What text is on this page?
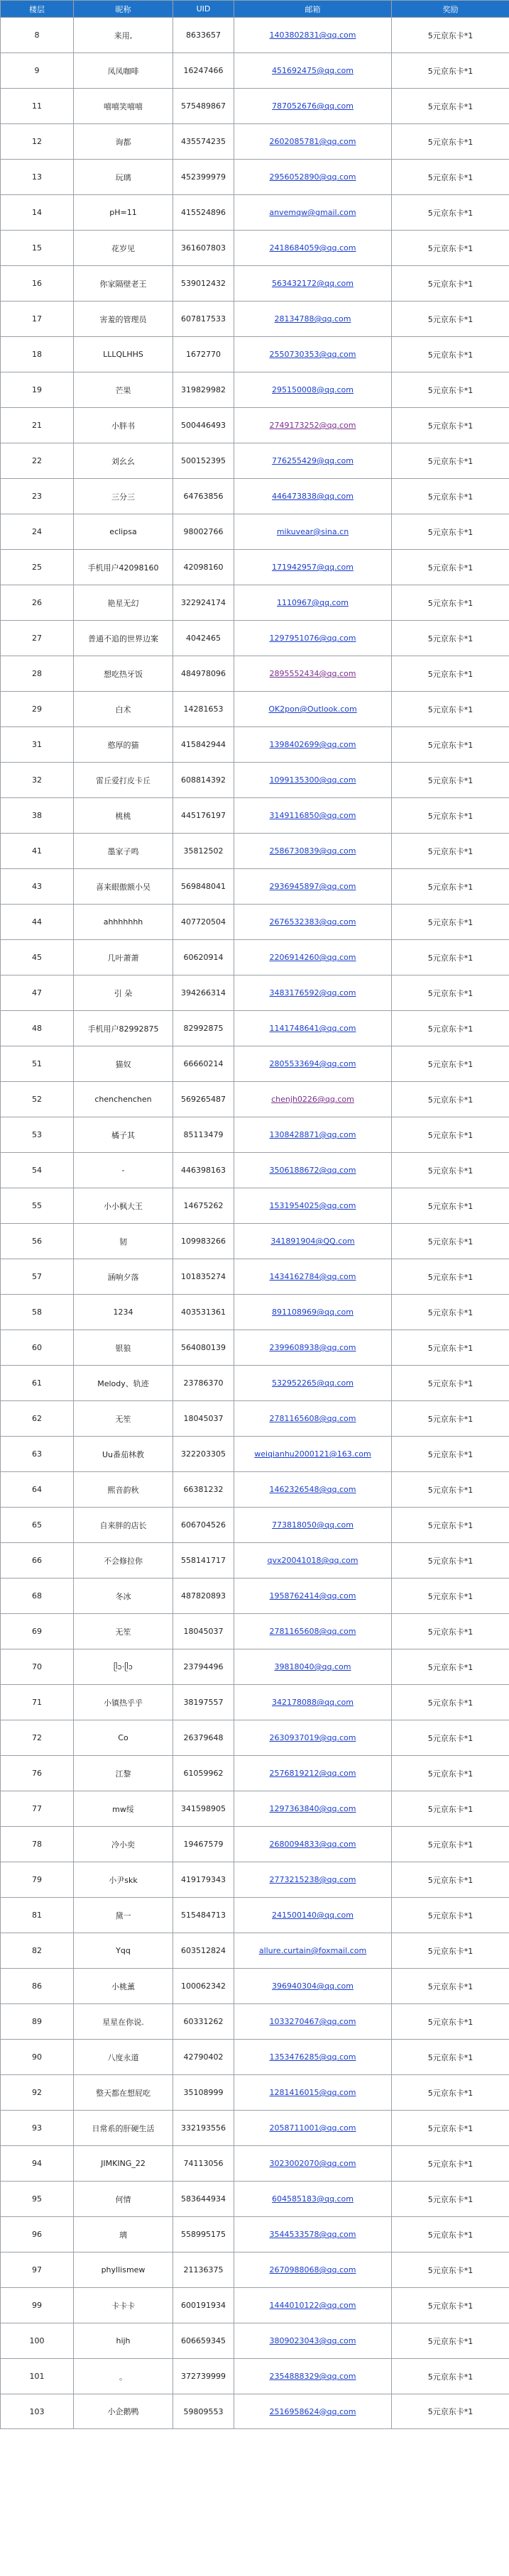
楼层	昵称	UID	邮箱	奖励
8	来用,	8633657	1403802831@qq.com	5元京东卡*1
9	凤凤咖啡	16247466	451692475@qq.com	5元京东卡*1
11	嘻嘻笑嘻嘻	575489867	787052676@qq.com	5元京东卡*1
12	询都	435574235	2602085781@qq.com	5元京东卡*1
13	玩璃	452399979	2956052890@qq.com	5元京东卡*1
14	pH=11	415524896	anvemqw@gmail.com	5元京东卡*1
15	花岁见	361607803	2418684059@qq.com	5元京东卡*1
16	你家隔壁老王	539012432	563432172@qq.com	5元京东卡*1
17	害羞的管理员	607817533	28134788@qq.com	5元京东卡*1
18	LLLQLHHS	1672770	2550730353@qq.com	5元京东卡*1
19	芒果	319829982	295150008@qq.com	5元京东卡*1
21	小胖书	500446493	2749173252@qq.com	5元京东卡*1
22	刘幺幺	500152395	776255429@qq.com	5元京东卡*1
23	三分三	64763856	446473838@qq.com	5元京东卡*1
24	eclipsa	98002766	mikuvear@sina.cn	5元京东卡*1
25	手机用户42098160	42098160	171942957@qq.com	5元京东卡*1
26	艳星无幻	322924174	1110967@qq.com	5元京东卡*1
27	普通不追的世界边案	4042465	1297951076@qq.com	5元京东卡*1
28	想吃热牙饭	484978096	2895552434@qq.com	5元京东卡*1
29	白术	14281653	OK2pon@Outlook.com	5元京东卡*1
31	憨厚的猫	415842944	1398402699@qq.com	5元京东卡*1
32	雷丘爱打皮卡丘	608814392	1099135300@qq.com	5元京东卡*1
38	桃桃	445176197	3149116850@qq.com	5元京东卡*1
41	墨家子鸣	35812502	2586730839@qq.com	5元京东卡*1
43	喜来眼傲额小吴	569848041	2936945897@qq.com	5元京东卡*1
44	ahhhhhhh	407720504	2676532383@qq.com	5元京东卡*1
45	几叶萧萧	60620914	2206914260@qq.com	5元京东卡*1
47	引 朵	394266314	3483176592@qq.com	5元京东卡*1
48	手机用户82992875	82992875	1141748641@qq.com	5元京东卡*1
51	猫奴	66660214	2805533694@qq.com	5元京东卡*1
52	chenchenchen	569265487	chenjh0226@qq.com	5元京东卡*1
53	橘子其	85113479	1308428871@qq.com	5元京东卡*1
54	-	446398163	3506188672@qq.com	5元京东卡*1
55	小小枫大王	14675262	1531954025@qq.com	5元京东卡*1
56	韧	109983266	341891904@QQ.com	5元京东卡*1
57	涵响夕落	101835274	1434162784@qq.com	5元京东卡*1
58	1234	403531361	891108969@qq.com	5元京东卡*1
60	银狼	564080139	2399608938@qq.com	5元京东卡*1
61	Melody、轨迹	23786370	532952265@qq.com	5元京东卡*1
62	无笙	18045037	2781165608@qq.com	5元京东卡*1
63	Uu番茄林教	322203305	weiqianhu2000121@163.com	5元京东卡*1
64	熙音韵秋	66381232	1462326548@qq.com	5元京东卡*1
65	自来胖的店长	606704526	773818050@qq.com	5元京东卡*1
66	不会修拉你	558141717	qvx20041018@qq.com	5元京东卡*1
68	冬冰	487820893	1958762414@qq.com	5元京东卡*1
69	无笙	18045037	2781165608@qq.com	5元京东卡*1
70	ᥫᩣ·ᥫᩣ	23794496	39818040@qq.com	5元京东卡*1
71	小镇热乎乎	38197557	342178088@qq.com	5元京东卡*1
72	Co	26379648	2630937019@qq.com	5元京东卡*1
76	江黎	61059962	2576819212@qq.com	5元京东卡*1
77	mw绥	341598905	1297363840@qq.com	5元京东卡*1
78	冷小奕	19467579	2680094833@qq.com	5元京东卡*1
79	小尹skk	419179343	2773215238@qq.com	5元京东卡*1
81	黛一	515484713	241500140@qq.com	5元京东卡*1
82	Yqq	603512824	allure.curtain@foxmail.com	5元京东卡*1
86	小桃薰	100062342	396940304@qq.com	5元京东卡*1
89	星星在你说.	60331262	1033270467@qq.com	5元京东卡*1
90	八度永道	42790402	1353476285@qq.com	5元京东卡*1
92	整天都在想屁吃	35108999	1281416015@qq.com	5元京东卡*1
93	日常系的肝硬生活	332193556	2058711001@qq.com	5元京东卡*1
94	JIMKING_22	74113056	3023002070@qq.com	5元京东卡*1
95	何情	583644934	604585183@qq.com	5元京东卡*1
96	璃	558995175	3544533578@qq.com	5元京东卡*1
97	phyllismew	21136375	2670988068@qq.com	5元京东卡*1
99	卡卡卡	600191934	1444010122@qq.com	5元京东卡*1
100	hijh	606659345	3809023043@qq.com	5元京东卡*1
101	。	372739999	2354888329@qq.com	5元京东卡*1
103	小企鹅鸭	59809553	2516958624@qq.com	5元京东卡*1
